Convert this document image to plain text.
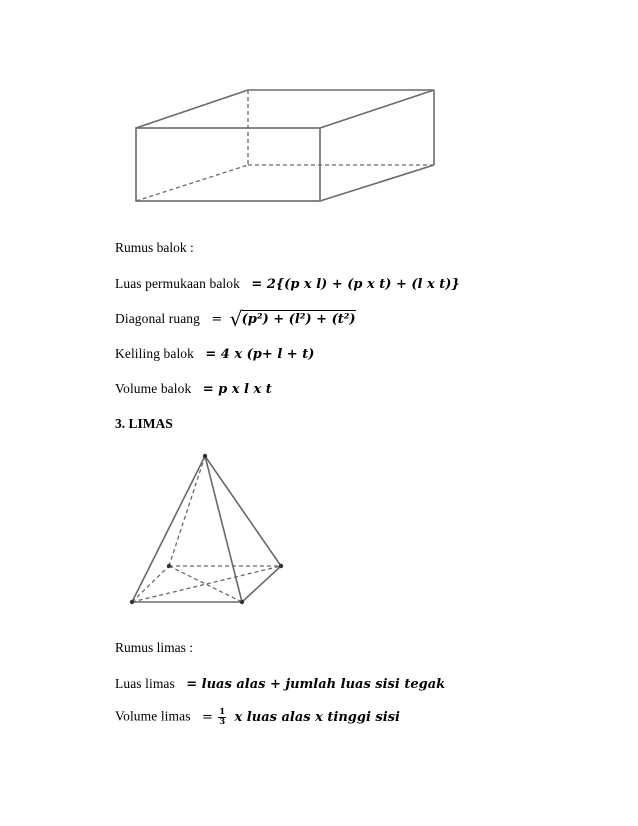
Rumus balok :
Luas permukaan balok = 2{(p x l) + (p x t) + (l x t)}
Diagonal ruang = √ (p²) + (l²) + (t²)
Keliling balok = 4 x (p+ l + t)
Volume balok = p x l x t
3. LIMAS
Rumus limas :
Luas limas = luas alas + jumlah luas sisi tegak
Volume limas = $\frac{1}{3}$ x luas alas x tinggi sisi
